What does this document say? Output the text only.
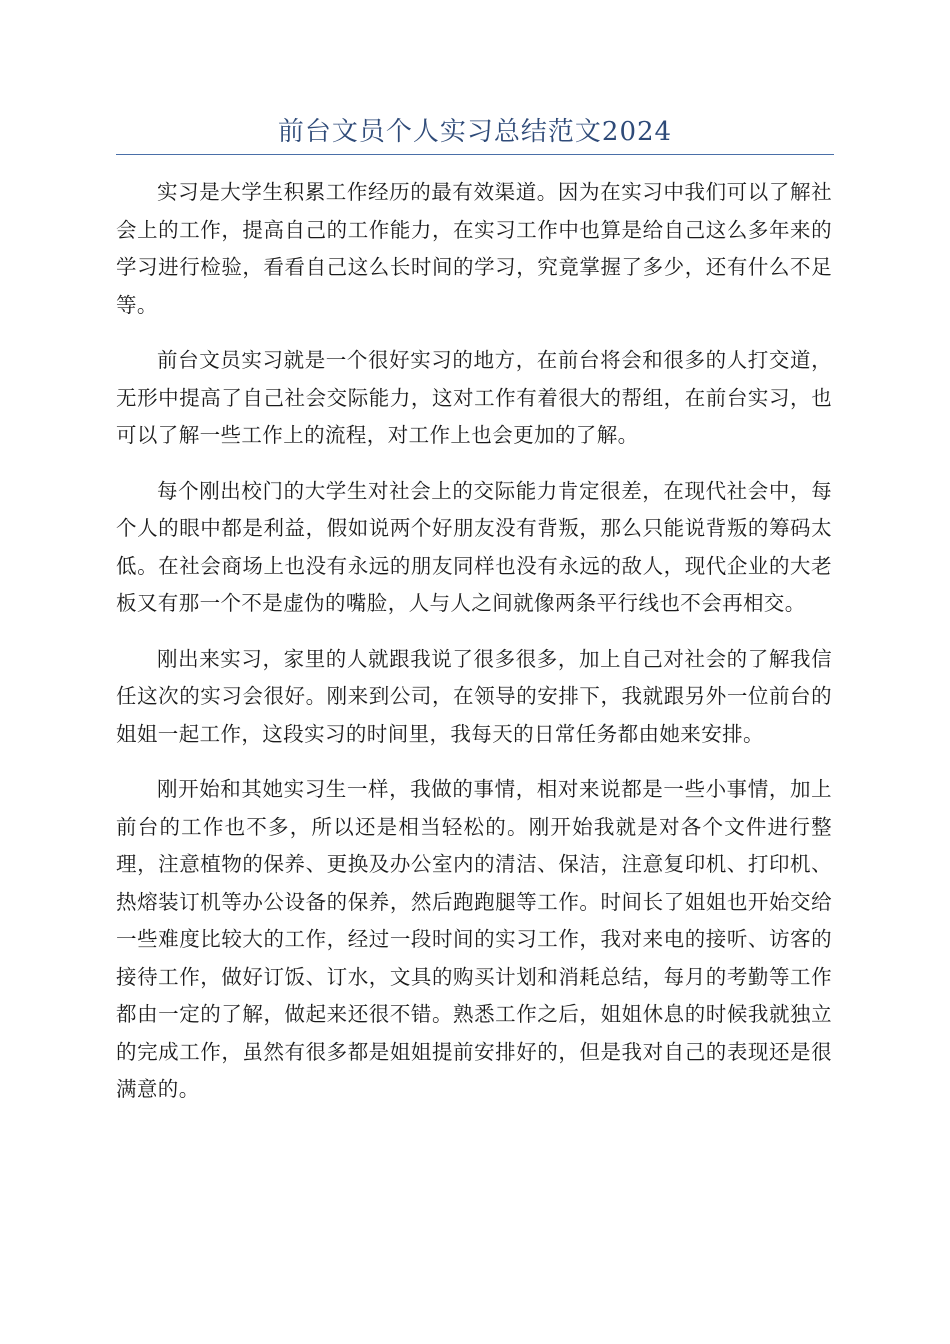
前台文员个人实习总结范文2024

实习是大学生积累工作经历的最有效渠道。因为在实习中我们可以了解社会上的工作，提高自己的工作能力，在实习工作中也算是给自己这么多年来的学习进行检验，看看自己这么长时间的学习，究竟掌握了多少，还有什么不足等。

前台文员实习就是一个很好实习的地方，在前台将会和很多的人打交道，无形中提高了自己社会交际能力，这对工作有着很大的帮组，在前台实习，也可以了解一些工作上的流程，对工作上也会更加的了解。

每个刚出校门的大学生对社会上的交际能力肯定很差，在现代社会中，每个人的眼中都是利益，假如说两个好朋友没有背叛，那么只能说背叛的筹码太低。在社会商场上也没有永远的朋友同样也没有永远的敌人，现代企业的大老板又有那一个不是虚伪的嘴脸，人与人之间就像两条平行线也不会再相交。

刚出来实习，家里的人就跟我说了很多很多，加上自己对社会的了解我信任这次的实习会很好。刚来到公司，在领导的安排下，我就跟另外一位前台的姐姐一起工作，这段实习的时间里，我每天的日常任务都由她来安排。

刚开始和其她实习生一样，我做的事情，相对来说都是一些小事情，加上前台的工作也不多，所以还是相当轻松的。刚开始我就是对各个文件进行整理，注意植物的保养、更换及办公室内的清洁、保洁，注意复印机、打印机、热熔装订机等办公设备的保养，然后跑跑腿等工作。时间长了姐姐也开始交给一些难度比较大的工作，经过一段时间的实习工作，我对来电的接听、访客的接待工作，做好订饭、订水，文具的购买计划和消耗总结，每月的考勤等工作都由一定的了解，做起来还很不错。熟悉工作之后，姐姐休息的时候我就独立的完成工作，虽然有很多都是姐姐提前安排好的，但是我对自己的表现还是很满意的。
